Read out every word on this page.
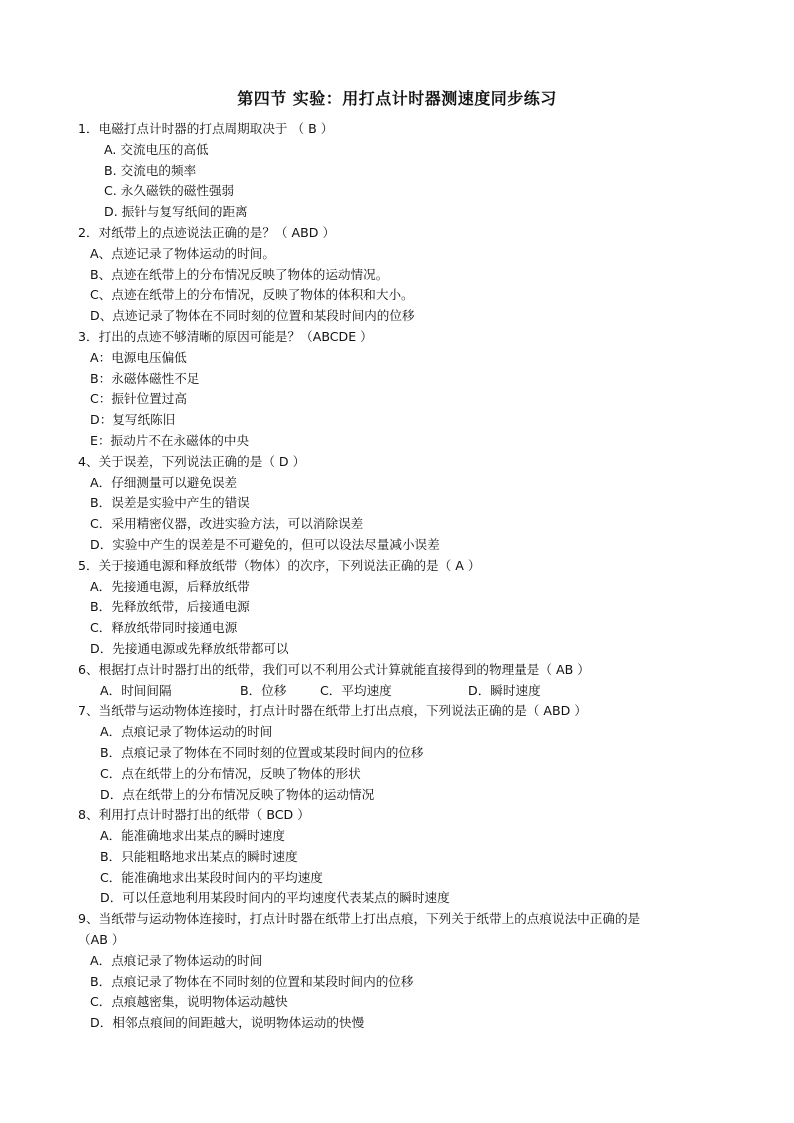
第四节 实验：用打点计时器测速度同步练习
1．电磁打点计时器的打点周期取决于 （ B ）
A. 交流电压的高低
B. 交流电的频率
C. 永久磁铁的磁性强弱
D. 振针与复写纸间的距离
2．对纸带上的点迹说法正确的是？（ ABD ）
A、点迹记录了物体运动的时间。
B、点迹在纸带上的分布情况反映了物体的运动情况。
C、点迹在纸带上的分布情况，反映了物体的体积和大小。
D、点迹记录了物体在不同时刻的位置和某段时间内的位移
3．打出的点迹不够清晰的原因可能是？（ABCDE ）
A：电源电压偏低
B：永磁体磁性不足
C：振针位置过高
D：复写纸陈旧
E：振动片不在永磁体的中央
4、关于误差，下列说法正确的是（ D ）
A．仔细测量可以避免误差
B．误差是实验中产生的错误
C．采用精密仪器，改进实验方法，可以消除误差
D．实验中产生的误差是不可避免的，但可以设法尽量减小误差
5．关于接通电源和释放纸带（物体）的次序，下列说法正确的是（ A ）
A．先接通电源，后释放纸带
B．先释放纸带，后接通电源
C．释放纸带同时接通电源
D．先接通电源或先释放纸带都可以
6、根据打点计时器打出的纸带，我们可以不利用公式计算就能直接得到的物理量是（ AB ）
A．时间间隔	B．位移	C．平均速度	D．瞬时速度
7、当纸带与运动物体连接时，打点计时器在纸带上打出点痕，下列说法正确的是（ ABD ）
A．点痕记录了物体运动的时间
B．点痕记录了物体在不同时刻的位置或某段时间内的位移
C．点在纸带上的分布情况，反映了物体的形状
D．点在纸带上的分布情况反映了物体的运动情况
8、利用打点计时器打出的纸带（ BCD ）
A．能准确地求出某点的瞬时速度
B．只能粗略地求出某点的瞬时速度
C．能准确地求出某段时间内的平均速度
D．可以任意地利用某段时间内的平均速度代表某点的瞬时速度
9、当纸带与运动物体连接时，打点计时器在纸带上打出点痕，下列关于纸带上的点痕说法中正确的是
（AB ）
A．点痕记录了物体运动的时间
B．点痕记录了物体在不同时刻的位置和某段时间内的位移
C．点痕越密集，说明物体运动越快
D．相邻点痕间的间距越大，说明物体运动的快慢
